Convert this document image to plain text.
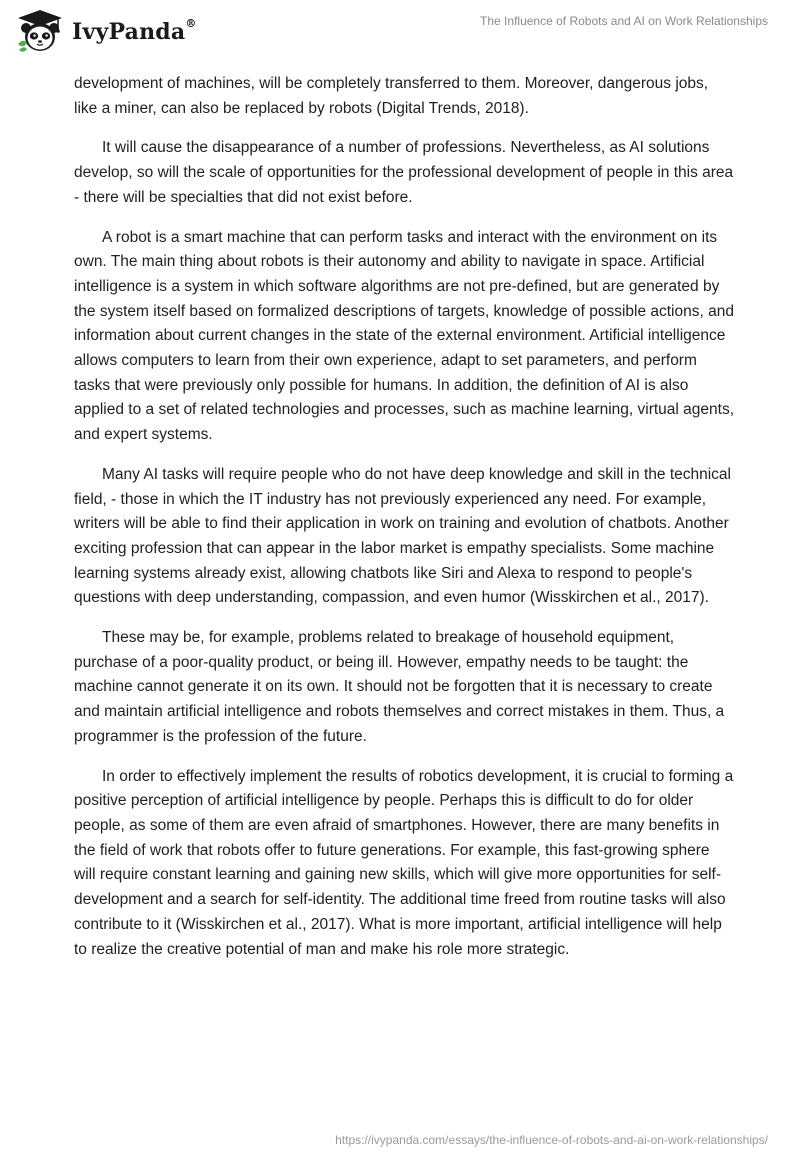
IvyPanda®	The Influence of Robots and AI on Work Relationships

development of machines, will be completely transferred to them. Moreover, dangerous jobs, like a miner, can also be replaced by robots (Digital Trends, 2018).

It will cause the disappearance of a number of professions. Nevertheless, as AI solutions develop, so will the scale of opportunities for the professional development of people in this area - there will be specialties that did not exist before.

A robot is a smart machine that can perform tasks and interact with the environment on its own. The main thing about robots is their autonomy and ability to navigate in space. Artificial intelligence is a system in which software algorithms are not pre-defined, but are generated by the system itself based on formalized descriptions of targets, knowledge of possible actions, and information about current changes in the state of the external environment. Artificial intelligence allows computers to learn from their own experience, adapt to set parameters, and perform tasks that were previously only possible for humans. In addition, the definition of AI is also applied to a set of related technologies and processes, such as machine learning, virtual agents, and expert systems.

Many AI tasks will require people who do not have deep knowledge and skill in the technical field, - those in which the IT industry has not previously experienced any need. For example, writers will be able to find their application in work on training and evolution of chatbots. Another exciting profession that can appear in the labor market is empathy specialists. Some machine learning systems already exist, allowing chatbots like Siri and Alexa to respond to people's questions with deep understanding, compassion, and even humor (Wisskirchen et al., 2017).

These may be, for example, problems related to breakage of household equipment, purchase of a poor-quality product, or being ill. However, empathy needs to be taught: the machine cannot generate it on its own. It should not be forgotten that it is necessary to create and maintain artificial intelligence and robots themselves and correct mistakes in them. Thus, a programmer is the profession of the future.

In order to effectively implement the results of robotics development, it is crucial to forming a positive perception of artificial intelligence by people. Perhaps this is difficult to do for older people, as some of them are even afraid of smartphones. However, there are many benefits in the field of work that robots offer to future generations. For example, this fast-growing sphere will require constant learning and gaining new skills, which will give more opportunities for self-development and a search for self-identity. The additional time freed from routine tasks will also contribute to it (Wisskirchen et al., 2017). What is more important, artificial intelligence will help to realize the creative potential of man and make his role more strategic.

https://ivypanda.com/essays/the-influence-of-robots-and-ai-on-work-relationships/
